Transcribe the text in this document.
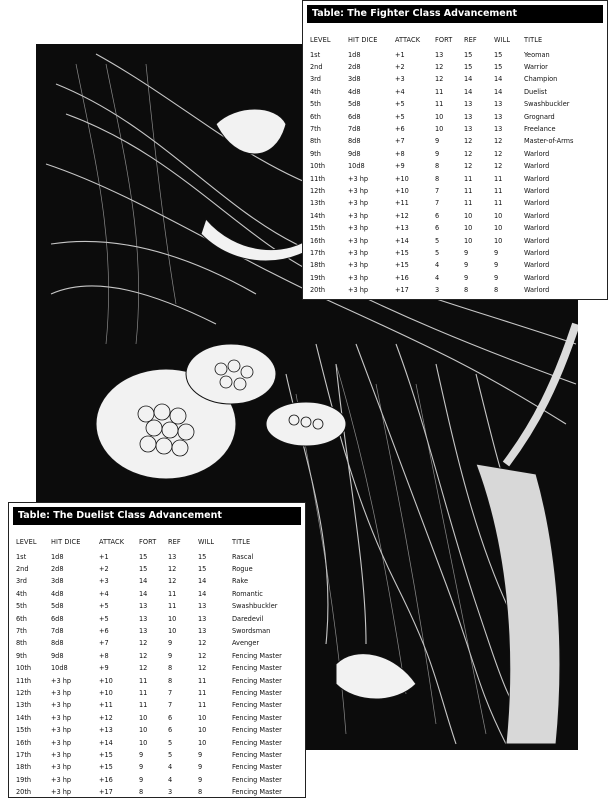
Table: The Fighter Class Advancement
LEVEL	HIT DICE	ATTACK	FORT	REF	WILL	TITLE
1st	1d8	+1	13	15	15	Yeoman
2nd	2d8	+2	12	15	15	Warrior
3rd	3d8	+3	12	14	14	Champion
4th	4d8	+4	11	14	14	Duelist
5th	5d8	+5	11	13	13	Swashbuckler
6th	6d8	+5	10	13	13	Grognard
7th	7d8	+6	10	13	13	Freelance
8th	8d8	+7	9	12	12	Master-of-Arms
9th	9d8	+8	9	12	12	Warlord
10th	10d8	+9	8	12	12	Warlord
11th	+3 hp	+10	8	11	11	Warlord
12th	+3 hp	+10	7	11	11	Warlord
13th	+3 hp	+11	7	11	11	Warlord
14th	+3 hp	+12	6	10	10	Warlord
15th	+3 hp	+13	6	10	10	Warlord
16th	+3 hp	+14	5	10	10	Warlord
17th	+3 hp	+15	5	9	9	Warlord
18th	+3 hp	+15	4	9	9	Warlord
19th	+3 hp	+16	4	9	9	Warlord
20th	+3 hp	+17	3	8	8	Warlord
Table: The Duelist Class Advancement
LEVEL	HIT DICE	ATTACK	FORT	REF	WILL	TITLE
1st	1d8	+1	15	13	15	Rascal
2nd	2d8	+2	15	12	15	Rogue
3rd	3d8	+3	14	12	14	Rake
4th	4d8	+4	14	11	14	Romantic
5th	5d8	+5	13	11	13	Swashbuckler
6th	6d8	+5	13	10	13	Daredevil
7th	7d8	+6	13	10	13	Swordsman
8th	8d8	+7	12	9	12	Avenger
9th	9d8	+8	12	9	12	Fencing Master
10th	10d8	+9	12	8	12	Fencing Master
11th	+3 hp	+10	11	8	11	Fencing Master
12th	+3 hp	+10	11	7	11	Fencing Master
13th	+3 hp	+11	11	7	11	Fencing Master
14th	+3 hp	+12	10	6	10	Fencing Master
15th	+3 hp	+13	10	6	10	Fencing Master
16th	+3 hp	+14	10	5	10	Fencing Master
17th	+3 hp	+15	9	5	9	Fencing Master
18th	+3 hp	+15	9	4	9	Fencing Master
19th	+3 hp	+16	9	4	9	Fencing Master
20th	+3 hp	+17	8	3	8	Fencing Master
